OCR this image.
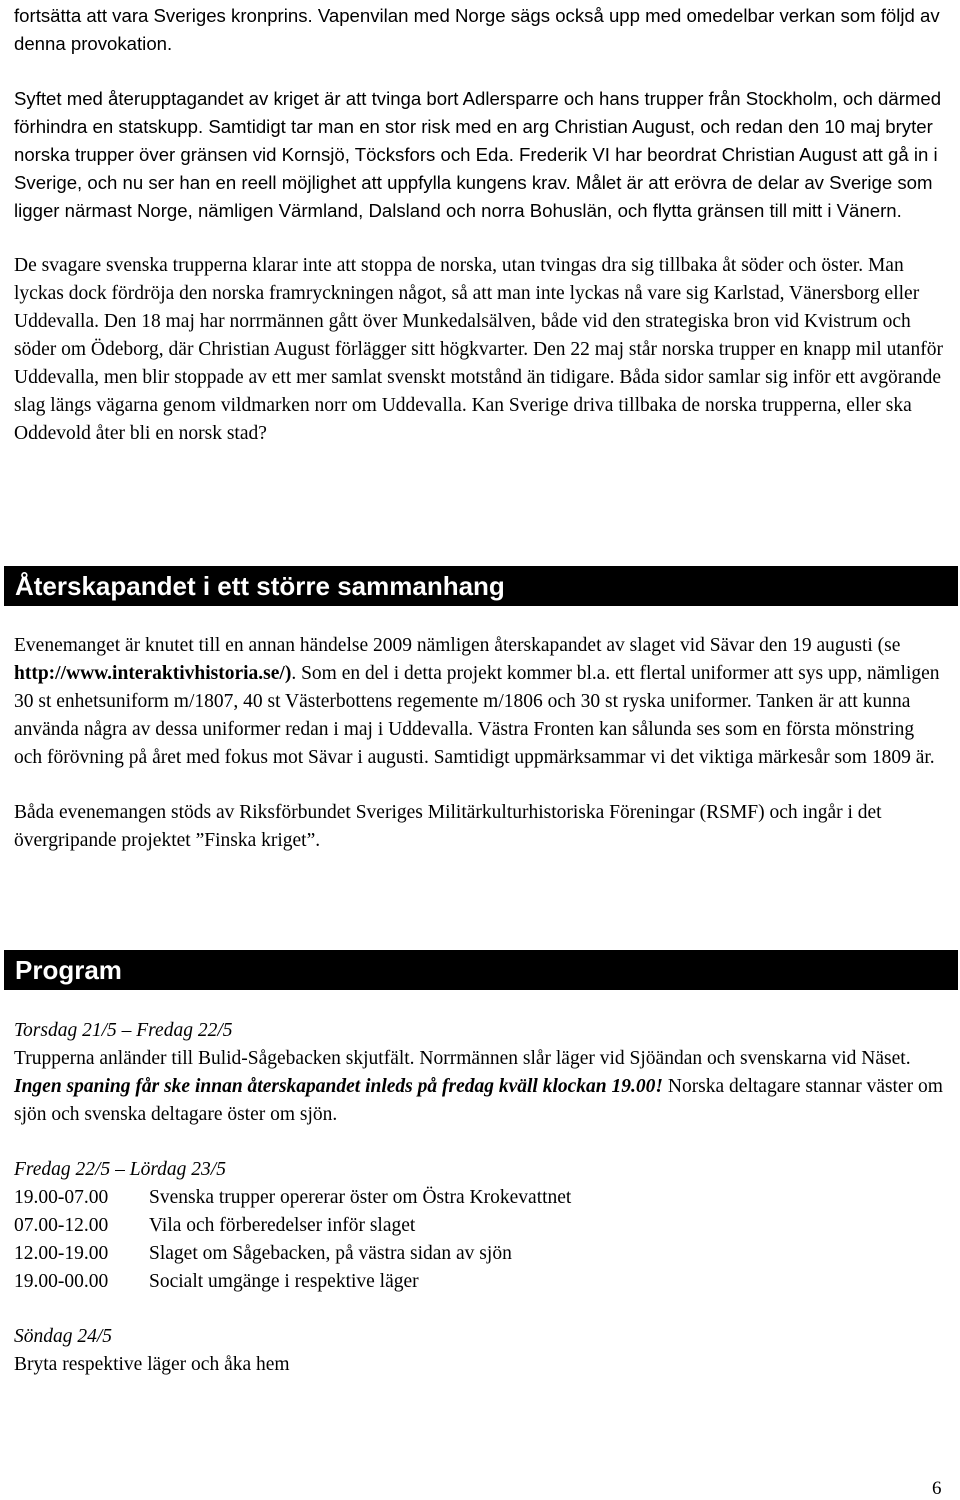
fortsätta att vara Sveriges kronprins. Vapenvilan med Norge sägs också upp med omedelbar verkan som följd av denna provokation.

Syftet med återupptagandet av kriget är att tvinga bort Adlersparre och hans trupper från Stockholm, och därmed förhindra en statskupp. Samtidigt tar man en stor risk med en arg Christian August, och redan den 10 maj bryter norska trupper över gränsen vid Kornsjö, Töcksfors och Eda. Frederik VI har beordrat Christian August att gå in i Sverige, och nu ser han en reell möjlighet att uppfylla kungens krav. Målet är att erövra de delar av Sverige som ligger närmast Norge, nämligen Värmland, Dalsland och norra Bohuslän, och flytta gränsen till mitt i Vänern.

De svagare svenska trupperna klarar inte att stoppa de norska, utan tvingas dra sig tillbaka åt söder och öster. Man lyckas dock fördröja den norska framryckningen något, så att man inte lyckas nå vare sig Karlstad, Vänersborg eller Uddevalla. Den 18 maj har norrmännen gått över Munkedalsälven, både vid den strategiska bron vid Kvistrum och söder om Ödeborg, där Christian August förlägger sitt högkvarter. Den 22 maj står norska trupper en knapp mil utanför Uddevalla, men blir stoppade av ett mer samlat svenskt motstånd än tidigare. Båda sidor samlar sig inför ett avgörande slag längs vägarna genom vildmarken norr om Uddevalla. Kan Sverige driva tillbaka de norska trupperna, eller ska Oddevold åter bli en norsk stad?

Återskapandet i ett större sammanhang

Evenemanget är knutet till en annan händelse 2009 nämligen återskapandet av slaget vid Sävar den 19 augusti (se http://www.interaktivhistoria.se/). Som en del i detta projekt kommer bl.a. ett flertal uniformer att sys upp, nämligen 30 st enhetsuniform m/1807, 40 st Västerbottens regemente m/1806 och 30 st ryska uniformer. Tanken är att kunna använda några av dessa uniformer redan i maj i Uddevalla. Västra Fronten kan sålunda ses som en första mönstring och förövning på året med fokus mot Sävar i augusti. Samtidigt uppmärksammar vi det viktiga märkesår som 1809 är.

Båda evenemangen stöds av Riksförbundet Sveriges Militärkulturhistoriska Föreningar (RSMF) och ingår i det övergripande projektet ”Finska kriget”.

Program

Torsdag 21/5 – Fredag 22/5

Trupperna anländer till Bulid-Sågebacken skjutfält. Norrmännen slår läger vid Sjöändan och svenskarna vid Näset. Ingen spaning får ske innan återskapandet inleds på fredag kväll klockan 19.00! Norska deltagare stannar väster om sjön och svenska deltagare öster om sjön.

Fredag 22/5 – Lördag 23/5

19.00-07.00	Svenska trupper opererar öster om Östra Krokevattnet
07.00-12.00	Vila och förberedelser inför slaget
12.00-19.00	Slaget om Sågebacken, på västra sidan av sjön
19.00-00.00	Socialt umgänge i respektive läger

Söndag 24/5

Bryta respektive läger och åka hem

6
